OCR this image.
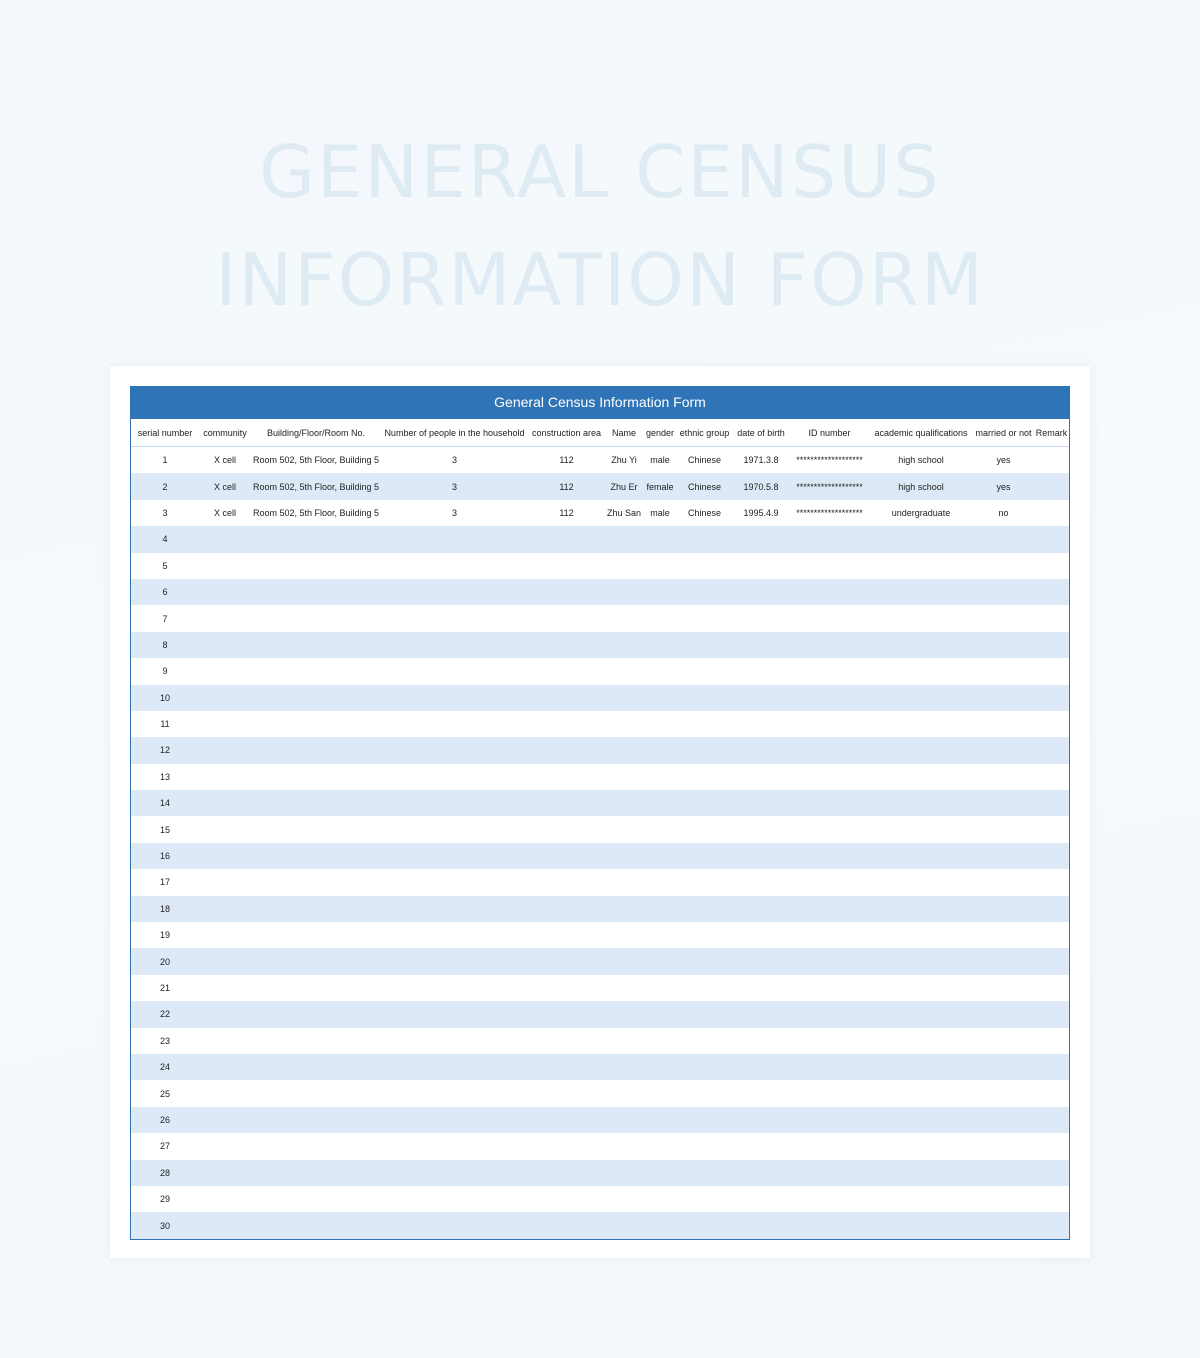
GENERAL CENSUS
INFORMATION FORM
General Census Information Form
serial number	community	Building/Floor/Room No.	Number of people in the household	construction area	Name	gender	ethnic group	date of birth	ID number	academic qualifications	married or not	Remark
1	X cell	Room 502, 5th Floor, Building 5	3	112	Zhu Yi	male	Chinese	1971.3.8	*******************	high school	yes	
2	X cell	Room 502, 5th Floor, Building 5	3	112	Zhu Er	female	Chinese	1970.5.8	*******************	high school	yes	
3	X cell	Room 502, 5th Floor, Building 5	3	112	Zhu San	male	Chinese	1995.4.9	*******************	undergraduate	no	
4												
5												
6												
7												
8												
9												
10												
11												
12												
13												
14												
15												
16												
17												
18												
19												
20												
21												
22												
23												
24												
25												
26												
27												
28												
29												
30												
